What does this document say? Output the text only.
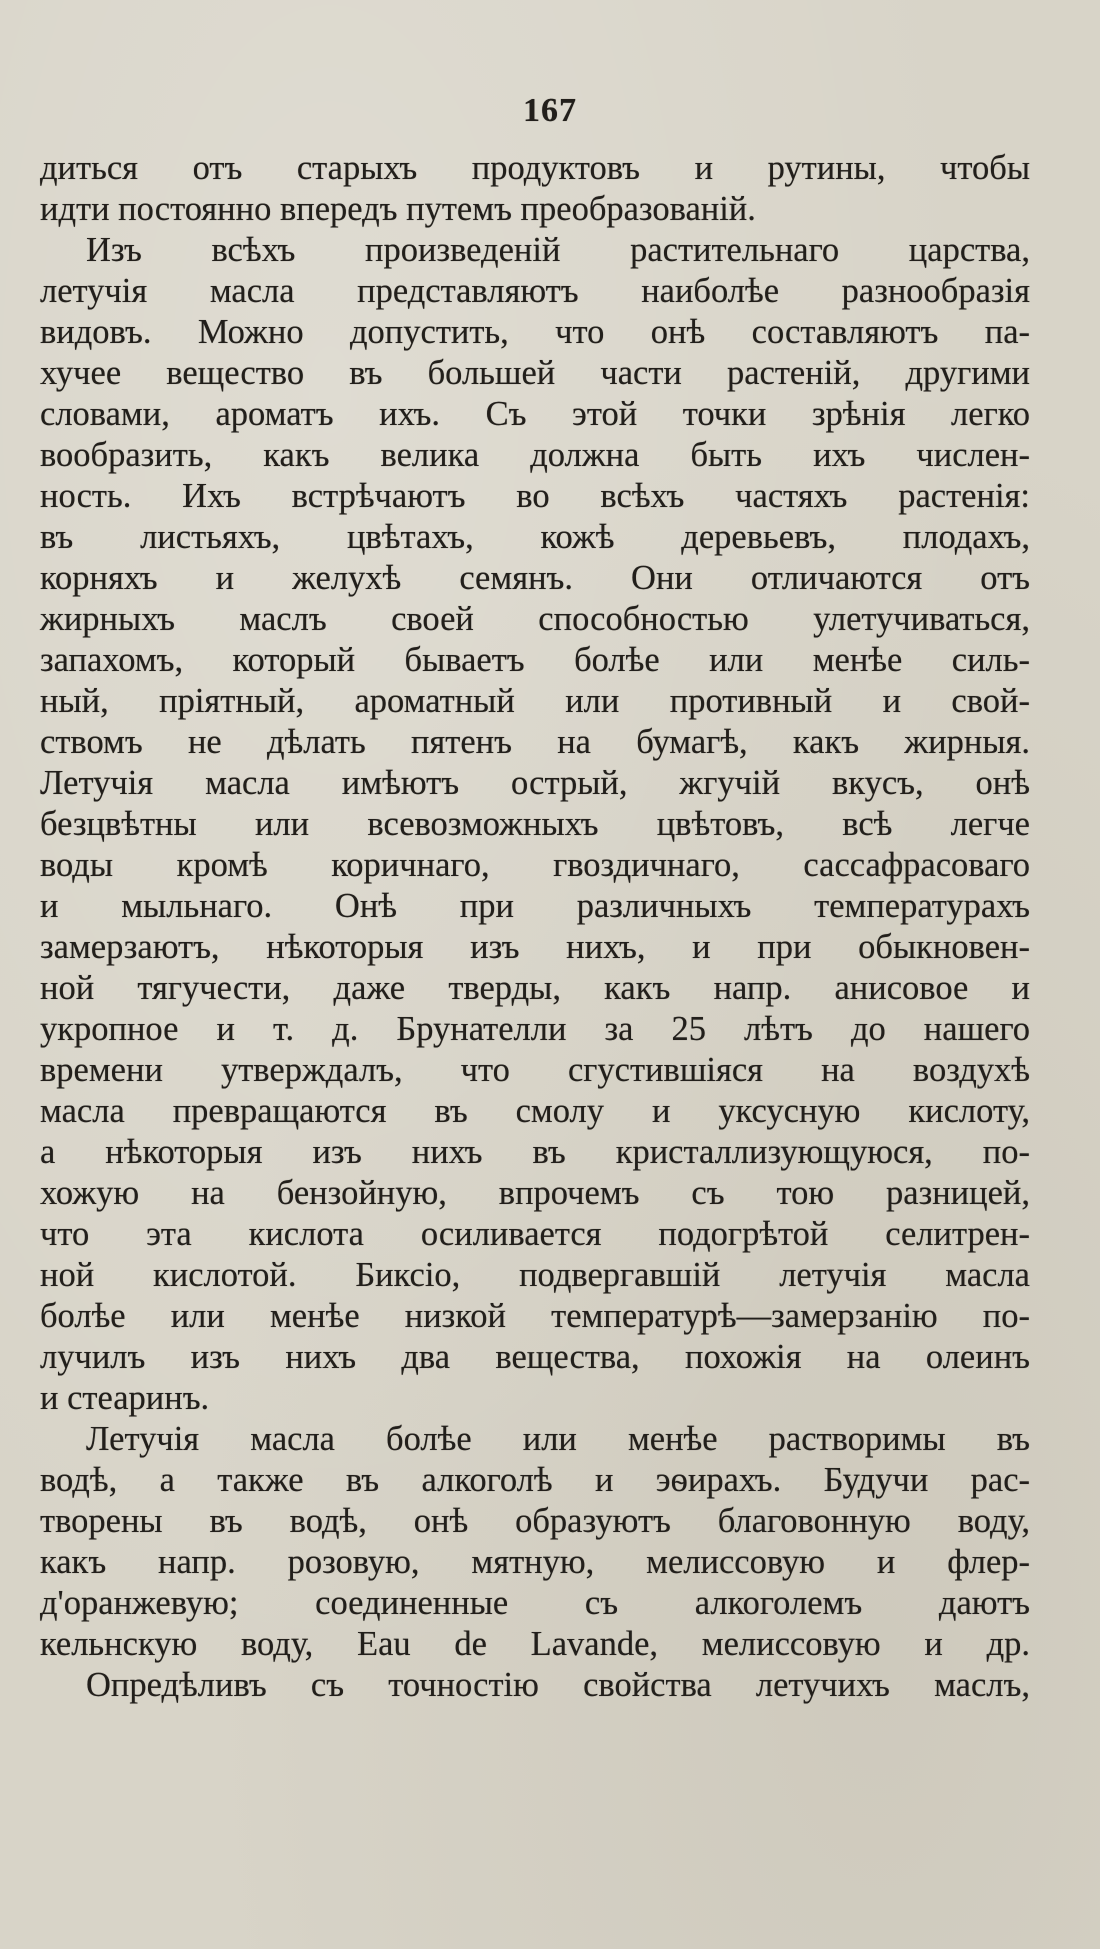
167
диться отъ старыхъ продуктовъ и рутины, чтобы
идти постоянно впередъ путемъ преобразованій.
Изъ всѣхъ произведеній растительнаго царства,
летучія масла представляютъ наиболѣе разнообразія
видовъ. Можно допустить, что онѣ составляютъ па-
хучее вещество въ большей части растеній, другими
словами, ароматъ ихъ. Съ этой точки зрѣнія легко
вообразить, какъ велика должна быть ихъ числен-
ность. Ихъ встрѣчаютъ во всѣхъ частяхъ растенія:
въ листьяхъ, цвѣтахъ, кожѣ деревьевъ, плодахъ,
корняхъ и желухѣ семянъ. Они отличаются отъ
жирныхъ маслъ своей способностью улетучиваться,
запахомъ, который бываетъ болѣе или менѣе силь-
ный, пріятный, ароматный или противный и свой-
ствомъ не дѣлать пятенъ на бумагѣ, какъ жирныя.
Летучія масла имѣютъ острый, жгучій вкусъ, онѣ
безцвѣтны или всевозможныхъ цвѣтовъ, всѣ легче
воды кромѣ коричнаго, гвоздичнаго, сассафрасоваго
и мыльнаго. Онѣ при различныхъ температурахъ
замерзаютъ, нѣкоторыя изъ нихъ, и при обыкновен-
ной тягучести, даже тверды, какъ напр. анисовое и
укропное и т. д. Брунателли за 25 лѣтъ до нашего
времени утверждалъ, что сгустившіяся на воздухѣ
масла превращаются въ смолу и уксусную кислоту,
а нѣкоторыя изъ нихъ въ кристаллизующуюся, по-
хожую на бензойную, впрочемъ съ тою разницей,
что эта кислота осиливается подогрѣтой селитрен-
ной кислотой. Биксіо, подвергавшій летучія масла
болѣе или менѣе низкой температурѣ—замерзанію по-
лучилъ изъ нихъ два вещества, похожія на олеинъ
и стеаринъ.
Летучія масла болѣе или менѣе растворимы въ
водѣ, а также въ алкоголѣ и эѳирахъ. Будучи рас-
творены въ водѣ, онѣ образуютъ благовонную воду,
какъ напр. розовую, мятную, мелиссовую и флер-
д'оранжевую; соединенные съ алкоголемъ даютъ
кельнскую воду, Eau de Lavande, мелиссовую и др.
Опредѣливъ съ точностію свойства летучихъ маслъ,
